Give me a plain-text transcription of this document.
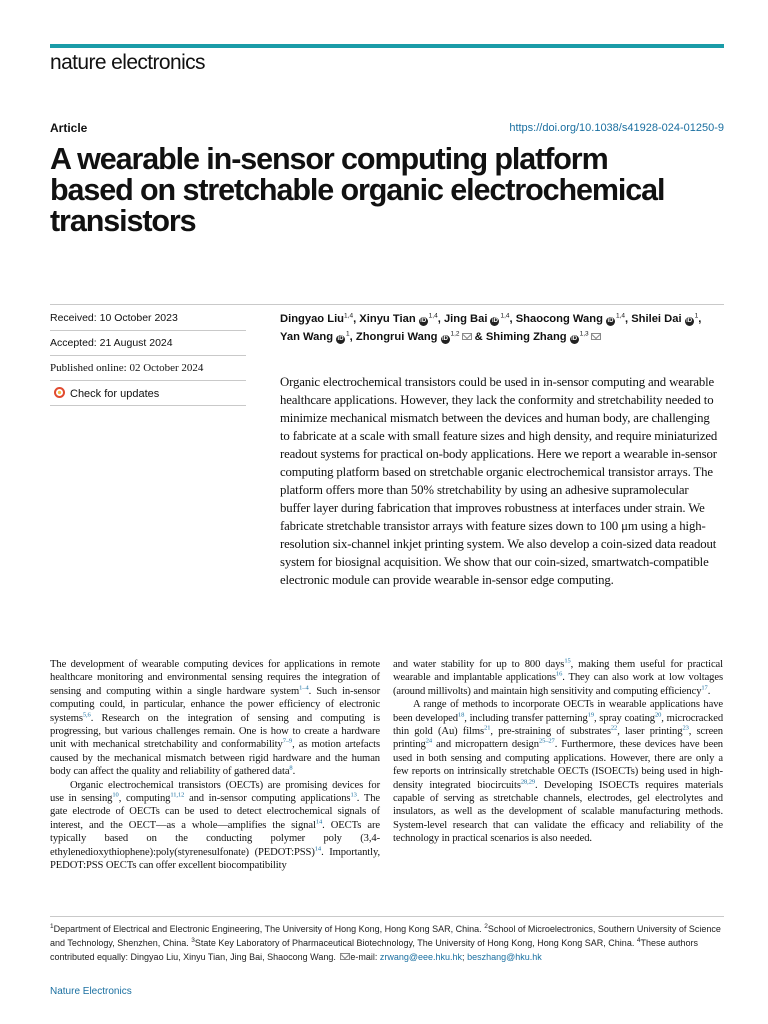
nature electronics
Article	https://doi.org/10.1038/s41928-024-01250-9
A wearable in-sensor computing platform based on stretchable organic electrochemical transistors
Received: 10 October 2023
Accepted: 21 August 2024
Published online: 02 October 2024
Check for updates
Dingyao Liu$^{1,4}$, Xinyu Tian iD$^{1,4}$, Jing Bai iD$^{1,4}$, Shaocong Wang iD$^{1,4}$, Shilei Dai $iD^1$, Yan Wang $iD^1$, Zhongrui Wang iD$^{1,2}$ & Shiming Zhang iD$^{1,3}$

Organic electrochemical transistors could be used in in-sensor computing and wearable healthcare applications. However, they lack the conformity and stretchability needed to minimize mechanical mismatch between the devices and human body, are challenging to fabricate at a scale with small feature sizes and high density, and require miniaturized readout systems for practical on-body applications. Here we report a wearable in-sensor computing platform based on stretchable organic electrochemical transistor arrays. The platform offers more than 50% stretchability by using an adhesive supramolecular buffer layer during fabrication that improves robustness at interfaces under strain. We fabricate stretchable transistor arrays with feature sizes down to 100 μm using a high-resolution six-channel inkjet printing system. We also develop a coin-sized data readout system for biosignal acquisition. We show that our coin-sized, smartwatch-compatible electronic module can provide wearable in-sensor edge computing.

The development of wearable computing devices for applications in remote healthcare monitoring and environmental sensing requires the integration of sensing and computing within a single hardware system$^{1-4}$. Such in-sensor computing could, in particular, enhance the power efficiency of electronic systems$^{5,6}$. Research on the integration of sensing and computing is progressing, but various challenges remain. One is how to create a hardware unit with mechanical stretchability and conformability$^{7-9}$, as motion artefacts caused by the mechanical mismatch between rigid hardware and the human body can affect the quality and reliability of gathered data$^8$.

Organic electrochemical transistors (OECTs) are promising devices for use in sensing$^{10}$, computing$^{11,12}$ and in-sensor computing applications$^{13}$. The gate electrode of OECTs can be used to detect electrochemical signals of interest, and the OECT—as a whole—amplifies the signal$^{14}$. OECTs are typically based on the conducting polymer poly (3,4-ethylenedioxythiophene):poly(styrenesulfonate) (PEDOT:PSS)$^{14}$. Importantly, PEDOT:PSS OECTs can offer excellent biocompatibility

and water stability for up to 800 days$^{15}$, making them useful for practical wearable and implantable applications$^{16}$. They can also work at low voltages (around millivolts) and maintain high sensitivity and computing efficiency$^{17}$.

A range of methods to incorporate OECTs in wearable applications have been developed$^{18}$, including transfer patterning$^{19}$, spray coating$^{20}$, microcracked thin gold (Au) films$^{21}$, pre-straining of substrates$^{22}$, laser printing$^{23}$, screen printing$^{24}$ and micropattern design$^{25-27}$. Furthermore, these devices have been used in both sensing and computing applications. However, there are only a few reports on intrinsically stretchable OECTs (ISOECTs) being used in high-density integrated biocircuits$^{28,29}$. Developing ISOECTs requires materials capable of serving as stretchable channels, electrodes, gel electrolytes and insulators, as well as the development of scalable manufacturing methods. System-level research that can validate the efficacy and reliability of the technology in practical scenarios is also needed.

$^1$Department of Electrical and Electronic Engineering, The University of Hong Kong, Hong Kong SAR, China. $^2$School of Microelectronics, Southern University of Science and Technology, Shenzhen, China. $^3$State Key Laboratory of Pharmaceutical Biotechnology, The University of Hong Kong, Hong Kong SAR, China. $^4$These authors contributed equally: Dingyao Liu, Xinyu Tian, Jing Bai, Shaocong Wang. e-mail: zrwang@eee.hku.hk; beszhang@hku.hk
Nature Electronics
